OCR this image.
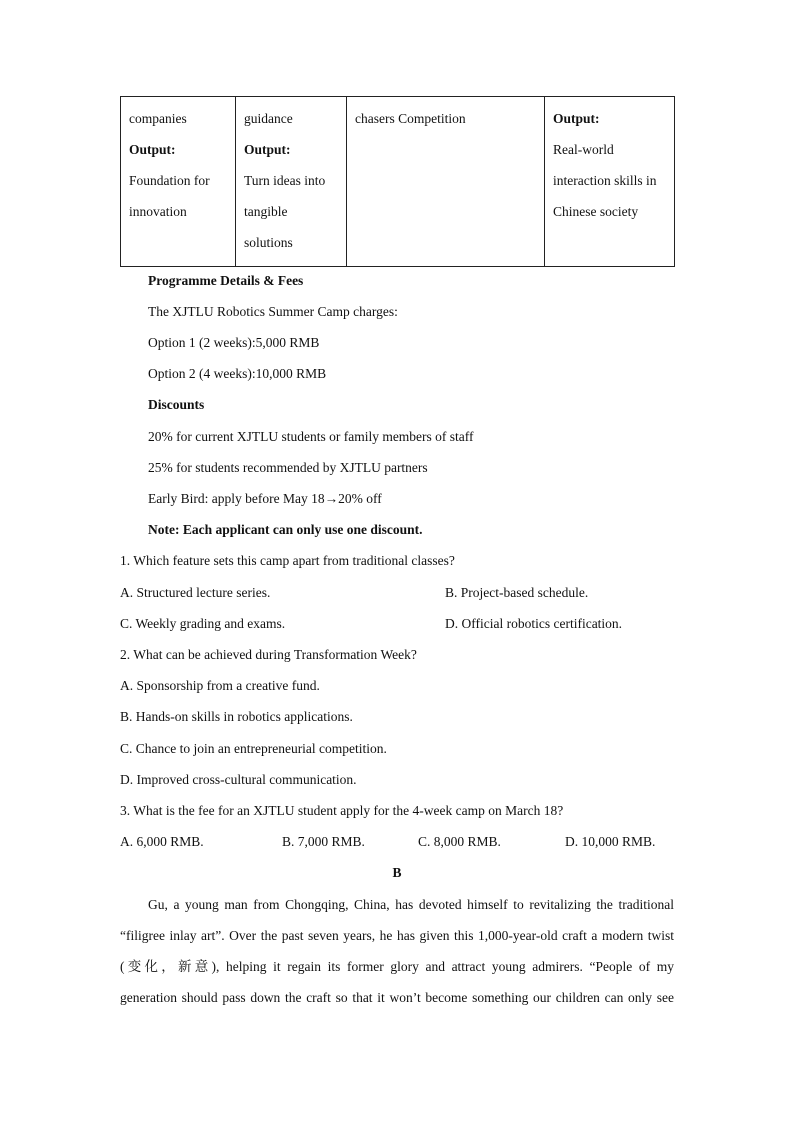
companies
Output:
Foundation for
innovation

guidance
Output:
Turn ideas into
tangible
solutions

chasers Competition	Output:
Real-world
interaction skills in
Chinese society

Programme Details & Fees

The XJTLU Robotics Summer Camp charges:

Option 1 (2 weeks):5,000 RMB

Option 2 (4 weeks):10,000 RMB

Discounts

20% for current XJTLU students or family members of staff

25% for students recommended by XJTLU partners

Early Bird: apply before May 18→20% off

Note: Each applicant can only use one discount.

1. Which feature sets this camp apart from traditional classes?

A. Structured lecture series.	B. Project-based schedule.

C. Weekly grading and exams.	D. Official robotics certification.

2. What can be achieved during Transformation Week?

A. Sponsorship from a creative fund.

B. Hands-on skills in robotics applications.

C. Chance to join an entrepreneurial competition.

D. Improved cross-cultural communication.

3. What is the fee for an XJTLU student apply for the 4-week camp on March 18?

A. 6,000 RMB.	B. 7,000 RMB.	C. 8,000 RMB.	D. 10,000 RMB.

B

Gu, a young man from Chongqing, China, has devoted himself to revitalizing the traditional

“filigree inlay art”. Over the past seven years, he has given this 1,000-year-old craft a modern twist

(变化，新意), helping it regain its former glory and attract young admirers. “People of my

generation should pass down the craft so that it won’t become something our children can only see
